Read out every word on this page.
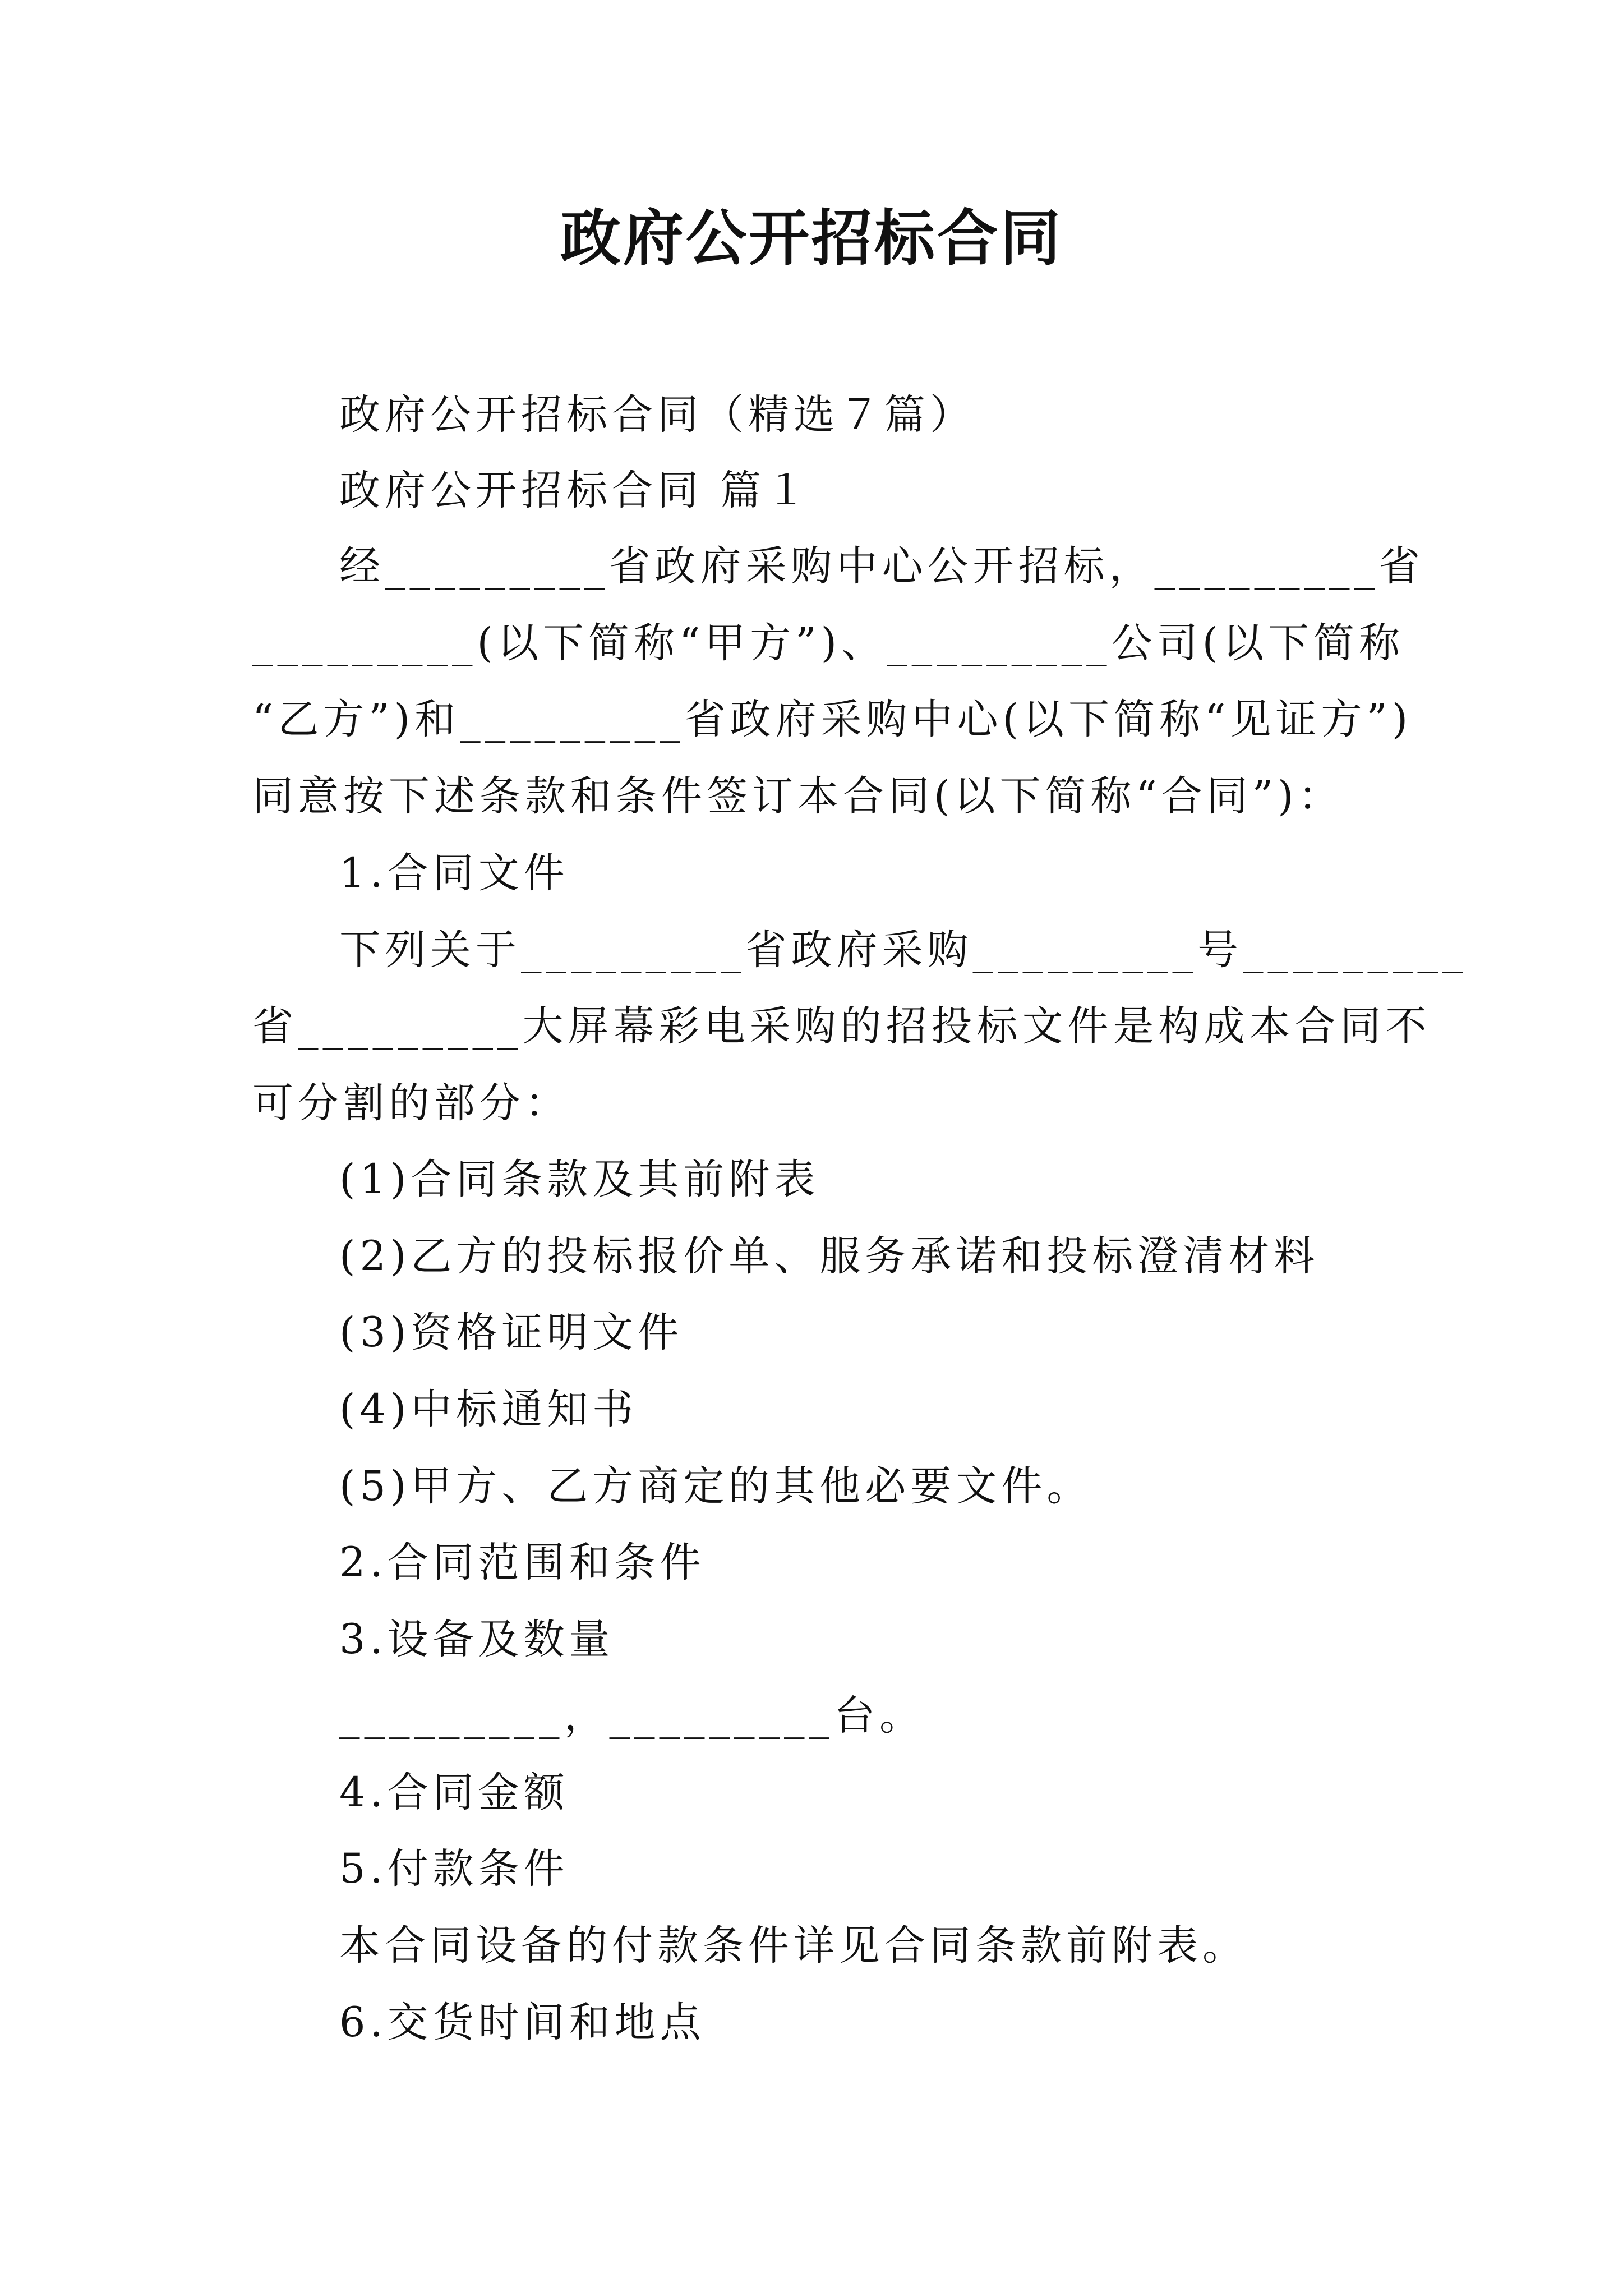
政府公开招标合同
政府公开招标合同（精选７篇）
政府公开招标合同 篇１
经_________省政府采购中心公开招标，_________省
_________(以下简称“甲方”)、_________公司(以下简称
“乙方”)和_________省政府采购中心(以下简称“见证方”)
同意按下述条款和条件签订本合同(以下简称“合同”)：
1.合同文件
下列关于_________省政府采购_________号_________
省_________大屏幕彩电采购的招投标文件是构成本合同不
可分割的部分：
(1)合同条款及其前附表
(2)乙方的投标报价单、服务承诺和投标澄清材料
(3)资格证明文件
(4)中标通知书
(5)甲方、乙方商定的其他必要文件。
2.合同范围和条件
3.设备及数量
_________，_________台。
4.合同金额
5.付款条件
本合同设备的付款条件详见合同条款前附表。
6.交货时间和地点
